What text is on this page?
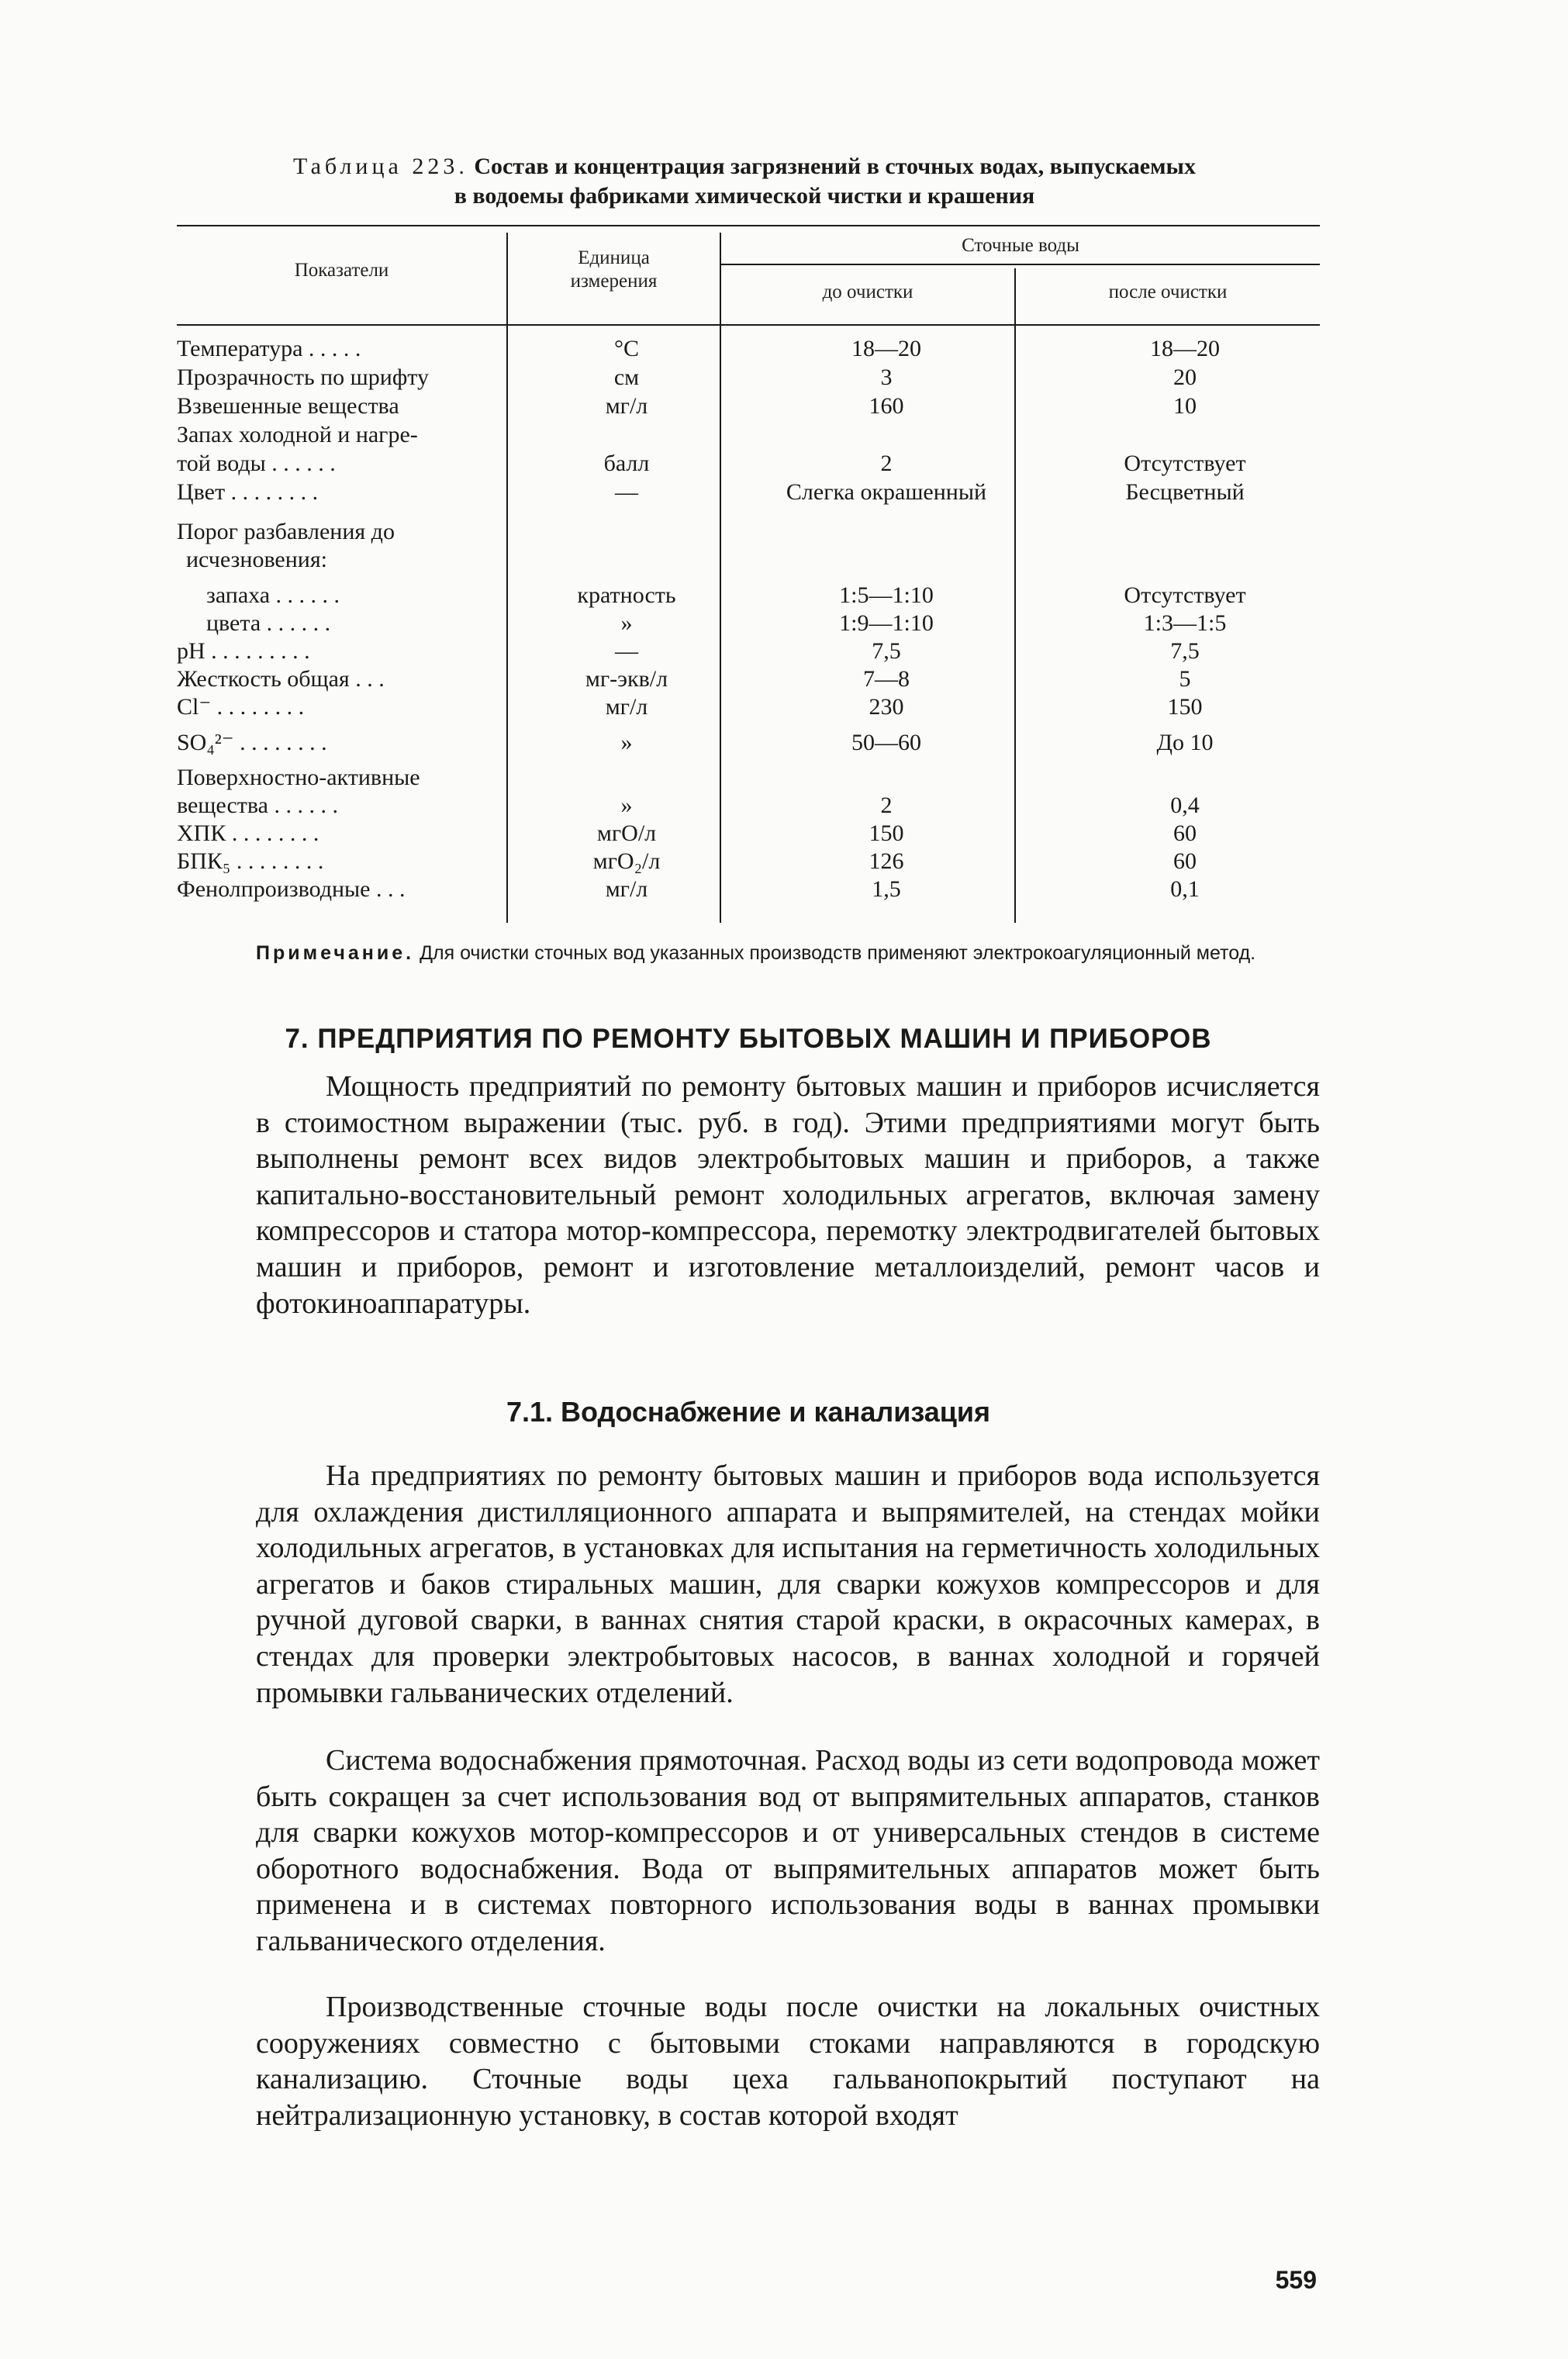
Таблица 223. Состав и концентрация загрязнений в сточных водах, выпускаемых
в водоемы фабриками химической чистки и крашения
Показатели
Единица
измерения
Сточные воды
до очистки	после очистки
Температура . . . . .	°C	18—20	18—20
Прозрачность по шрифту	см	3	20
Взвешенные вещества	мг/л	160	10
Запах холодной и нагре-
той воды . . . . . .	балл	2	Отсутствует
Цвет . . . . . . . .	—	Слегка окрашенный	Бесцветный
Порог разбавления до
исчезновения:
запаха . . . . . .	кратность	1:5—1:10	Отсутствует
цвета . . . . . .	»	1:9—1:10	1:3—1:5
pH . . . . . . . . .	—	7,5	7,5
Жесткость общая . . .	мг-экв/л	7—8	5
Cl⁻ . . . . . . . .	мг/л	230	150
SO₄²⁻ . . . . . . . .	»	50—60	До 10
Поверхностно-активные
вещества . . . . . .	»	2	0,4
ХПК . . . . . . . .	мгО/л	150	60
БПК₅ . . . . . . . .	мгО₂/л	126	60
Фенолпроизводные . . .	мг/л	1,5	0,1
Примечание. Для очистки сточных вод указанных производств применяют электрокоагуляционный метод.
7. ПРЕДПРИЯТИЯ ПО РЕМОНТУ БЫТОВЫХ МАШИН И ПРИБОРОВ
Мощность предприятий по ремонту бытовых машин и приборов исчисляется в стоимостном выражении (тыс. руб. в год). Этими предприятиями могут быть выполнены ремонт всех видов электробытовых машин и приборов, а также капитально-восстановительный ремонт холодильных агрегатов, включая замену компрессоров и статора мотор-компрессора, перемотку электродвигателей бытовых машин и приборов, ремонт и изготовление металлоизделий, ремонт часов и фотокиноаппаратуры.
7.1. Водоснабжение и канализация
На предприятиях по ремонту бытовых машин и приборов вода используется для охлаждения дистилляционного аппарата и выпрямителей, на стендах мойки холодильных агрегатов, в установках для испытания на герметичность холодильных агрегатов и баков стиральных машин, для сварки кожухов компрессоров и для ручной дуговой сварки, в ваннах снятия старой краски, в окрасочных камерах, в стендах для проверки электробытовых насосов, в ваннах холодной и горячей промывки гальванических отделений.
Система водоснабжения прямоточная. Расход воды из сети водопровода может быть сокращен за счет использования вод от выпрямительных аппаратов, станков для сварки кожухов мотор-компрессоров и от универсальных стендов в системе оборотного водоснабжения. Вода от выпрямительных аппаратов может быть применена и в системах повторного использования воды в ваннах промывки гальванического отделения.
Производственные сточные воды после очистки на локальных очистных сооружениях совместно с бытовыми стоками направляются в городскую канализацию. Сточные воды цеха гальванопокрытий поступают на нейтрализационную установку, в состав которой входят
559
